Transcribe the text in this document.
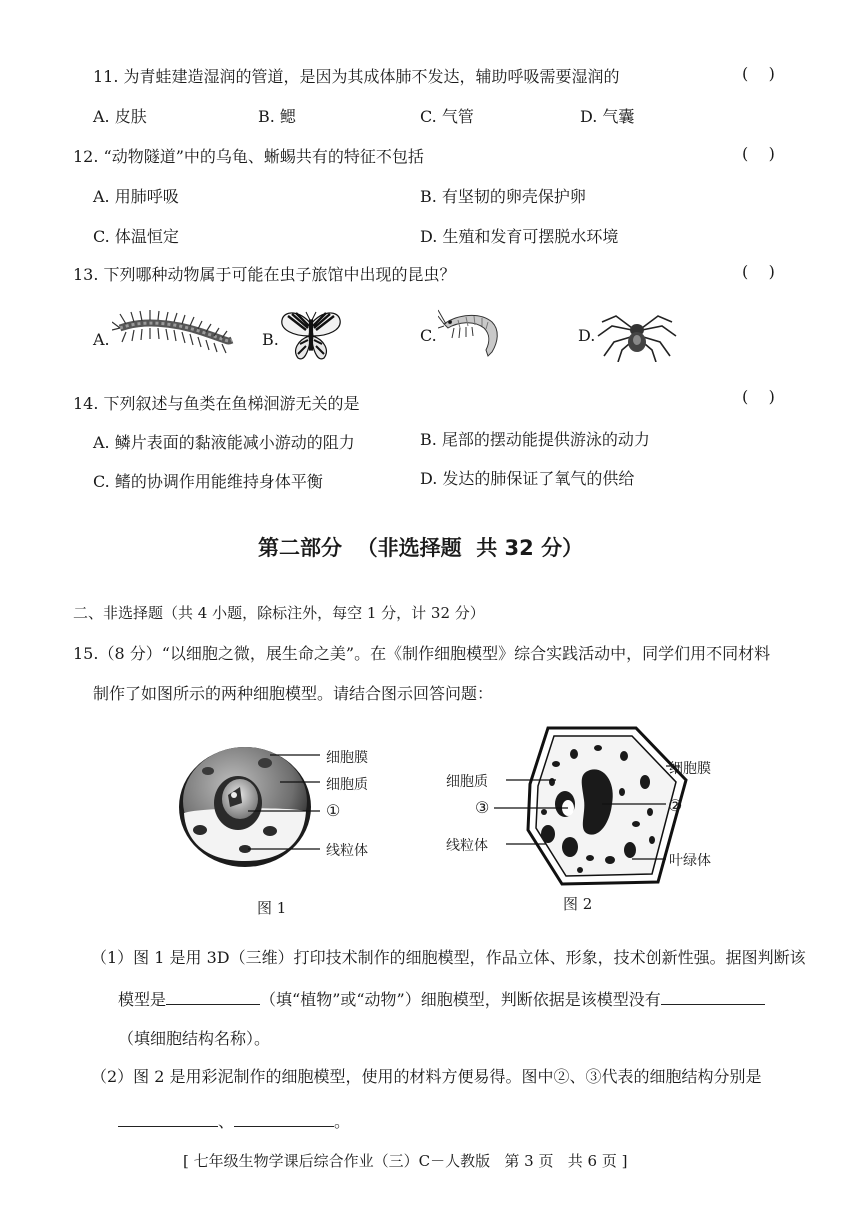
11. 为青蛙建造湿润的管道，是因为其成体肺不发达，辅助呼吸需要湿润的	(    )
A. 皮肤	B. 鳃	C. 气管	D. 气囊
12. “动物隧道”中的乌龟、蜥蜴共有的特征不包括	(    )
A. 用肺呼吸	B. 有坚韧的卵壳保护卵
C. 体温恒定	D. 生殖和发育可摆脱水环境
13. 下列哪种动物属于可能在虫子旅馆中出现的昆虫？	(    )
A.	B.	C.	D.
14. 下列叙述与鱼类在鱼梯洄游无关的是	(    )
A. 鳞片表面的黏液能减小游动的阻力	B. 尾部的摆动能提供游泳的动力
C. 鳍的协调作用能维持身体平衡	D. 发达的肺保证了氧气的供给
第二部分  （非选择题  共 32 分）
二、非选择题（共 4 小题，除标注外，每空 1 分，计 32 分）
15.（8 分）“以细胞之微，展生命之美”。在《制作细胞模型》综合实践活动中，同学们用不同材料
制作了如图所示的两种细胞模型。请结合图示回答问题：
细胞膜
细胞质
①
线粒体
图 1
细胞膜
细胞质
③	②
线粒体
叶绿体
图 2
（1）图 1 是用 3D（三维）打印技术制作的细胞模型，作品立体、形象，技术创新性强。据图判断该
模型是	（填“植物”或“动物”）细胞模型，判断依据是该模型没有
（填细胞结构名称）。
（2）图 2 是用彩泥制作的细胞模型，使用的材料方便易得。图中②、③代表的细胞结构分别是
、	。
[ 七年级生物学课后综合作业（三）C－人教版   第 3 页   共 6 页 ]
